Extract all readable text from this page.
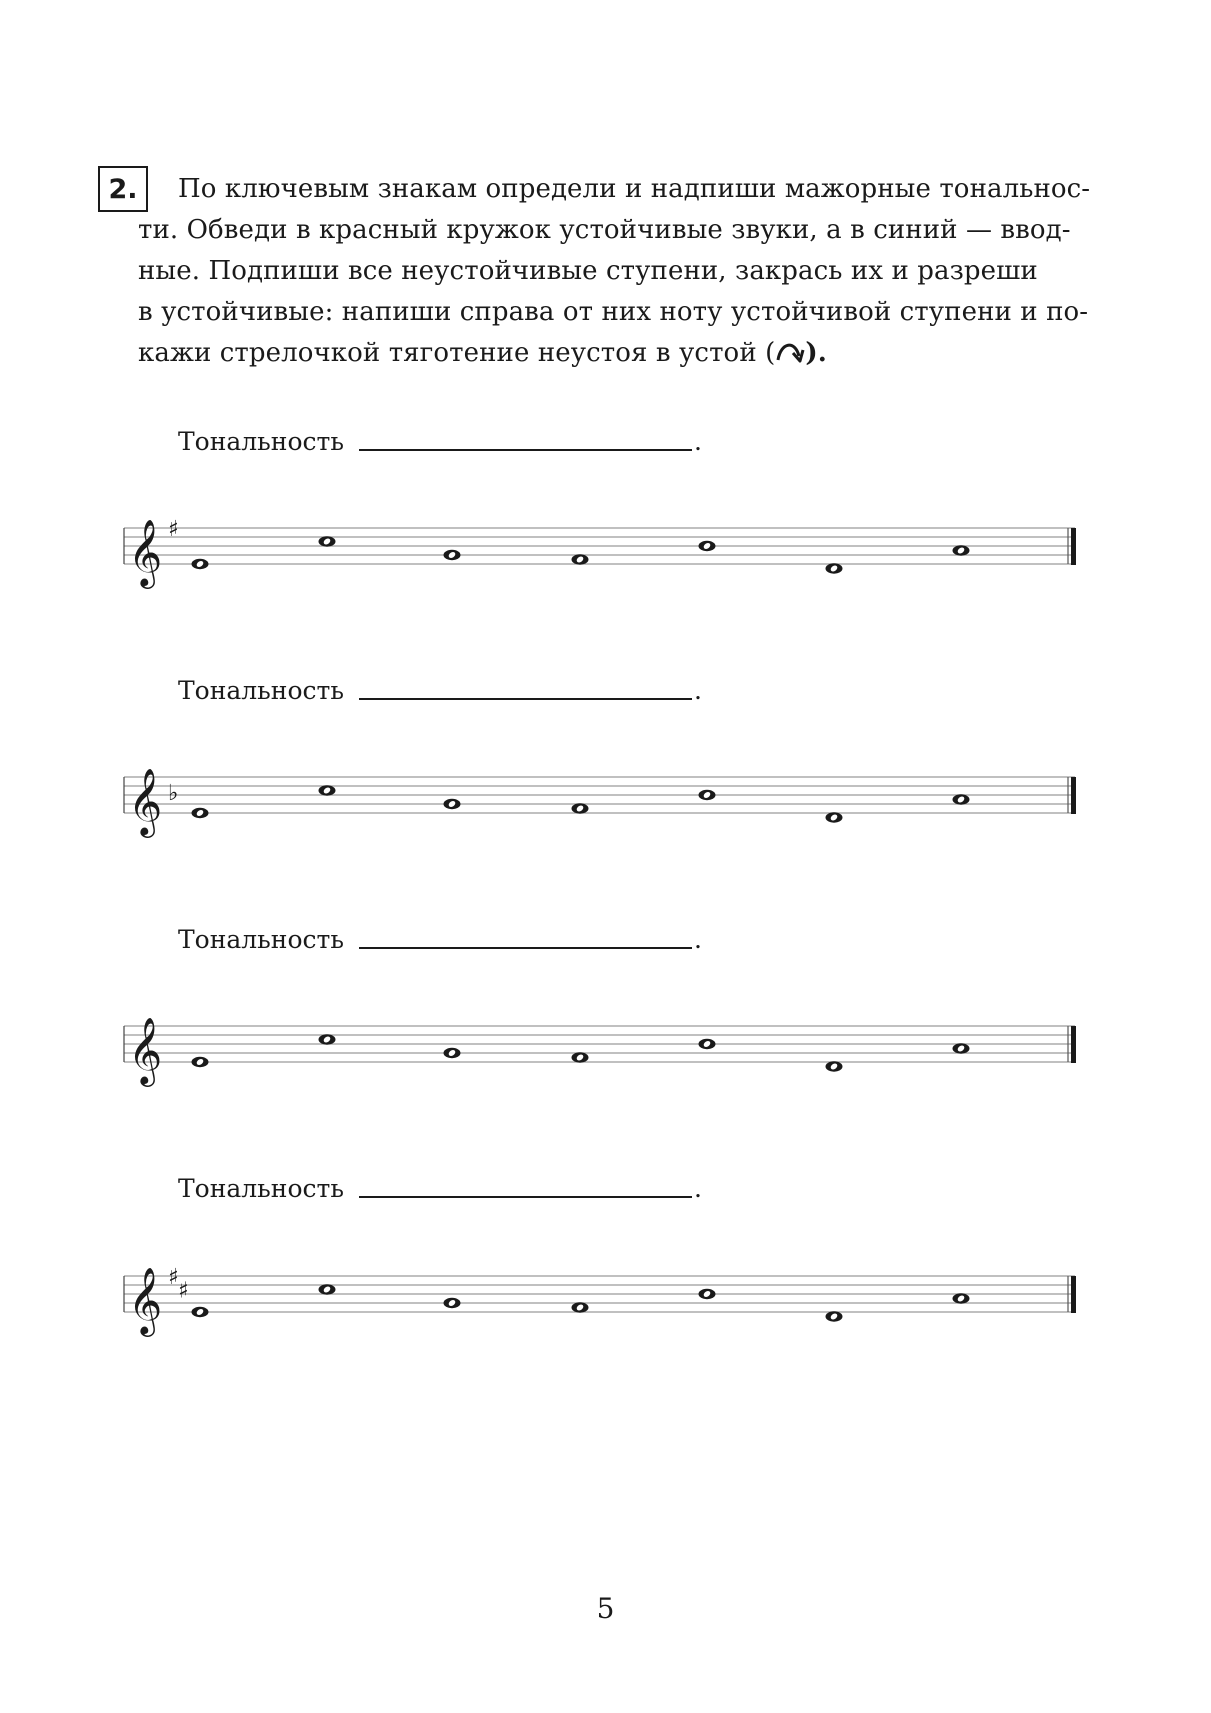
2.	По ключевым знакам определи и надпиши мажорные тональнос-
ти. Обведи в красный кружок устойчивые звуки, а в синий — ввод-
ные. Подпиши все неустойчивые ступени, закрась их и разреши
в устойчивые: напиши справа от них ноту устойчивой ступени и по-
кажи стрелочкой тяготение неустоя в устой ( ).
Тональность	.
𝄞 ♯
Тональность	.
𝄞 ♭
Тональность	.
𝄞
Тональность	.
𝄞 ♯
♯
5
